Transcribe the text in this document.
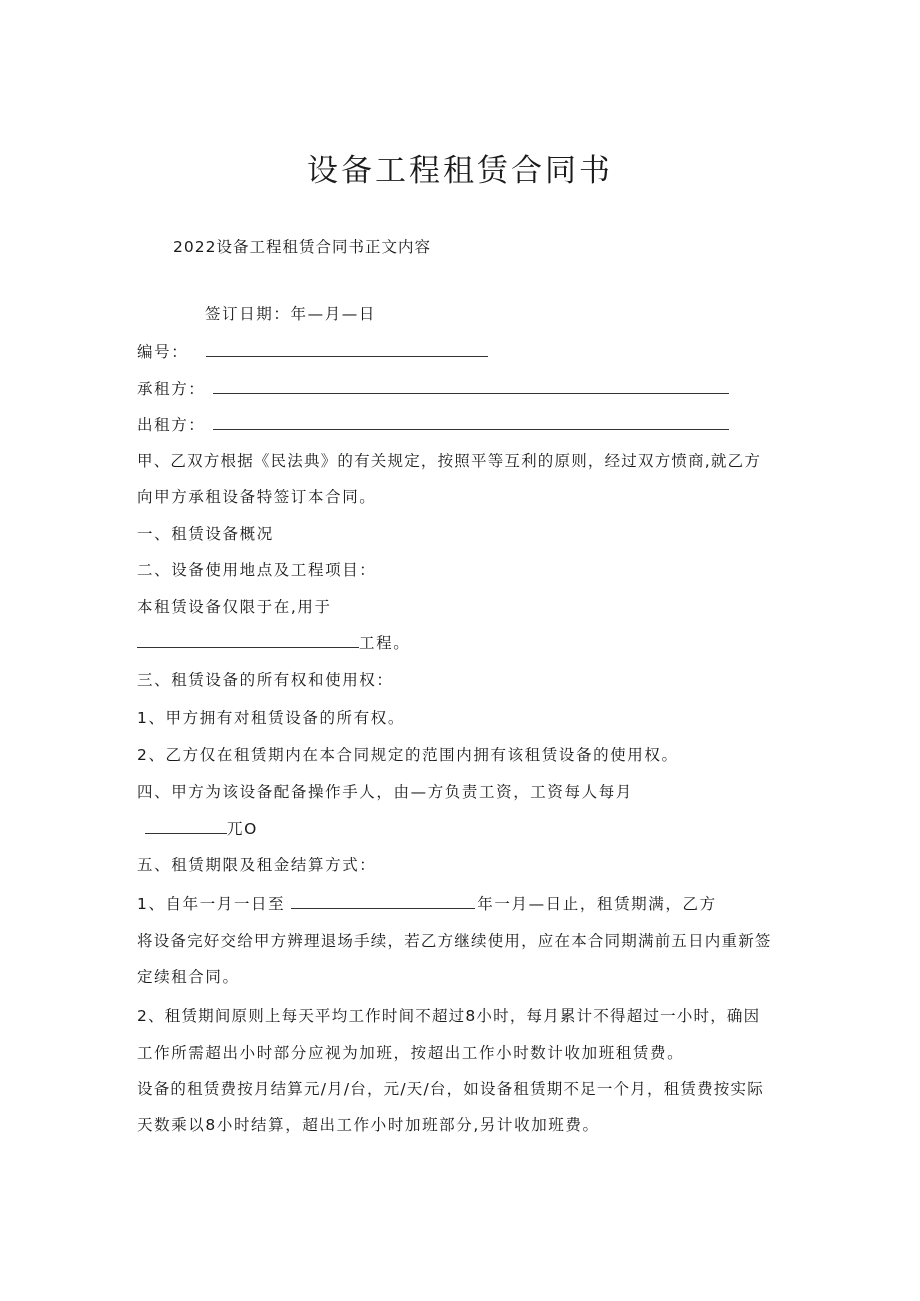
设备工程租赁合同书
2022设备工程租赁合同书正文内容
签订日期：年—月—日
编号：
承租方：
出租方：
甲、乙双方根据《民法典》的有关规定，按照平等互利的原则，经过双方愤商,就乙方
向甲方承租设备特签订本合同。
一、租赁设备概况
二、设备使用地点及工程项目：
本租赁设备仅限于在,用于
工程。
三、租赁设备的所有权和使用权：
1、甲方拥有对租赁设备的所有权。
2、乙方仅在租赁期内在本合同规定的范围内拥有该租赁设备的使用权。
四、甲方为该设备配备操作手人，由—方负责工资，工资每人每月
兀O
五、租赁期限及租金结算方式：
1、自年一月一日至	年一月—日止，租赁期满，乙方
将设备完好交给甲方辨理退场手续，若乙方继续使用，应在本合同期满前五日内重新签
定续租合同。
2、租赁期间原则上每天平均工作时间不超过8小时，每月累计不得超过一小时，确因
工作所需超出小时部分应视为加班，按超出工作小时数计收加班租赁费。
设备的租赁费按月结算元/月/台，元/天/台，如设备租赁期不足一个月，租赁费按实际
天数乘以8小时结算，超出工作小时加班部分,另计收加班费。
